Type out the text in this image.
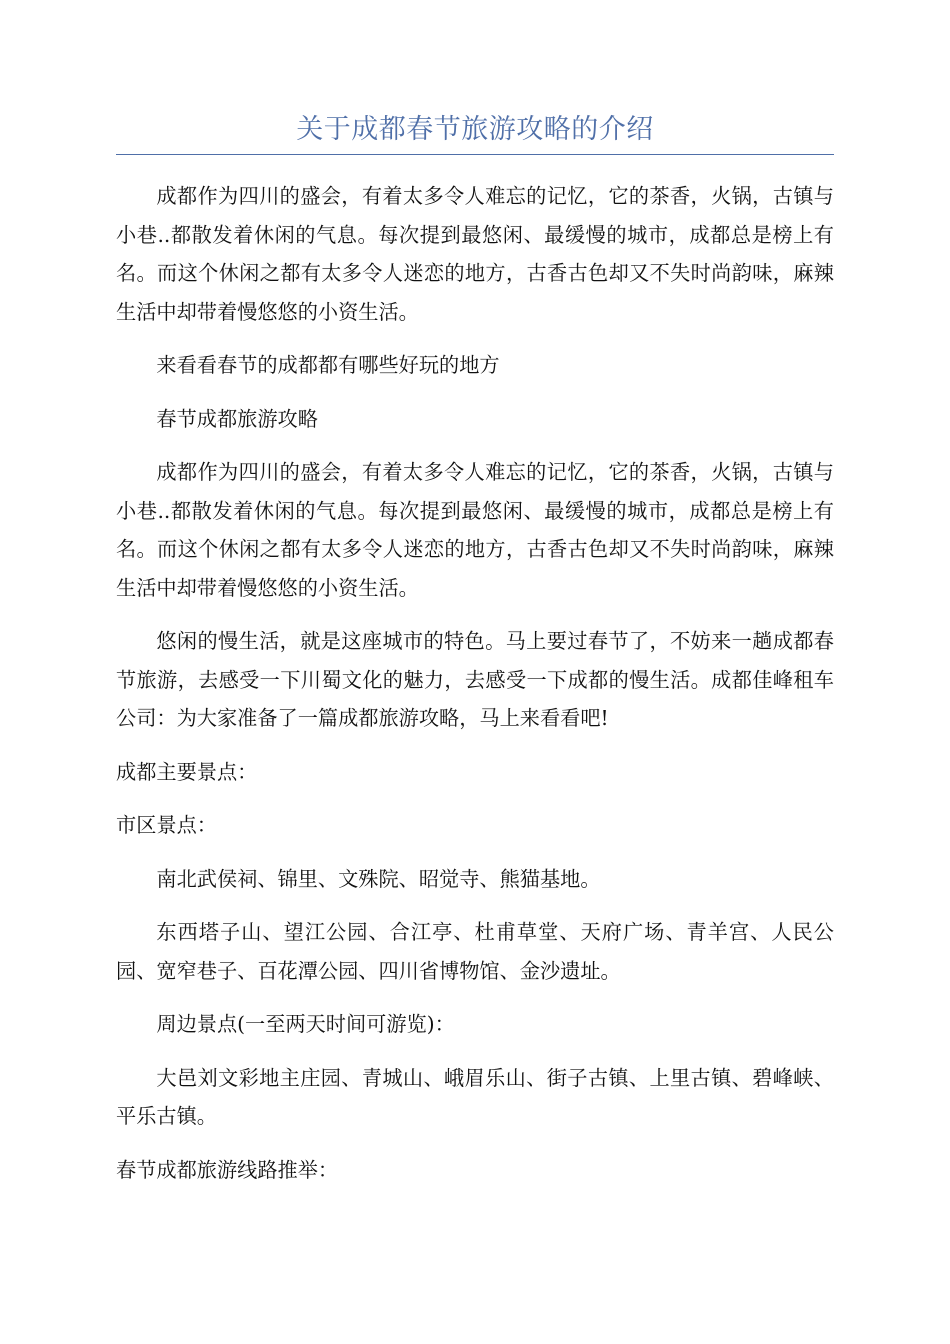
关于成都春节旅游攻略的介绍

成都作为四川的盛会，有着太多令人难忘的记忆，它的茶香，火锅，古镇与小巷..都散发着休闲的气息。每次提到最悠闲、最缓慢的城市，成都总是榜上有名。而这个休闲之都有太多令人迷恋的地方，古香古色却又不失时尚韵味，麻辣生活中却带着慢悠悠的小资生活。

来看看春节的成都都有哪些好玩的地方

春节成都旅游攻略

成都作为四川的盛会，有着太多令人难忘的记忆，它的茶香，火锅，古镇与小巷..都散发着休闲的气息。每次提到最悠闲、最缓慢的城市，成都总是榜上有名。而这个休闲之都有太多令人迷恋的地方，古香古色却又不失时尚韵味，麻辣生活中却带着慢悠悠的小资生活。

悠闲的慢生活，就是这座城市的特色。马上要过春节了，不妨来一趟成都春节旅游，去感受一下川蜀文化的魅力，去感受一下成都的慢生活。成都佳峰租车公司：为大家准备了一篇成都旅游攻略，马上来看看吧!

成都主要景点：

市区景点：

南北武侯祠、锦里、文殊院、昭觉寺、熊猫基地。

东西塔子山、望江公园、合江亭、杜甫草堂、天府广场、青羊宫、人民公园、宽窄巷子、百花潭公园、四川省博物馆、金沙遗址。

周边景点(一至两天时间可游览)：

大邑刘文彩地主庄园、青城山、峨眉乐山、街子古镇、上里古镇、碧峰峡、平乐古镇。

春节成都旅游线路推举：
